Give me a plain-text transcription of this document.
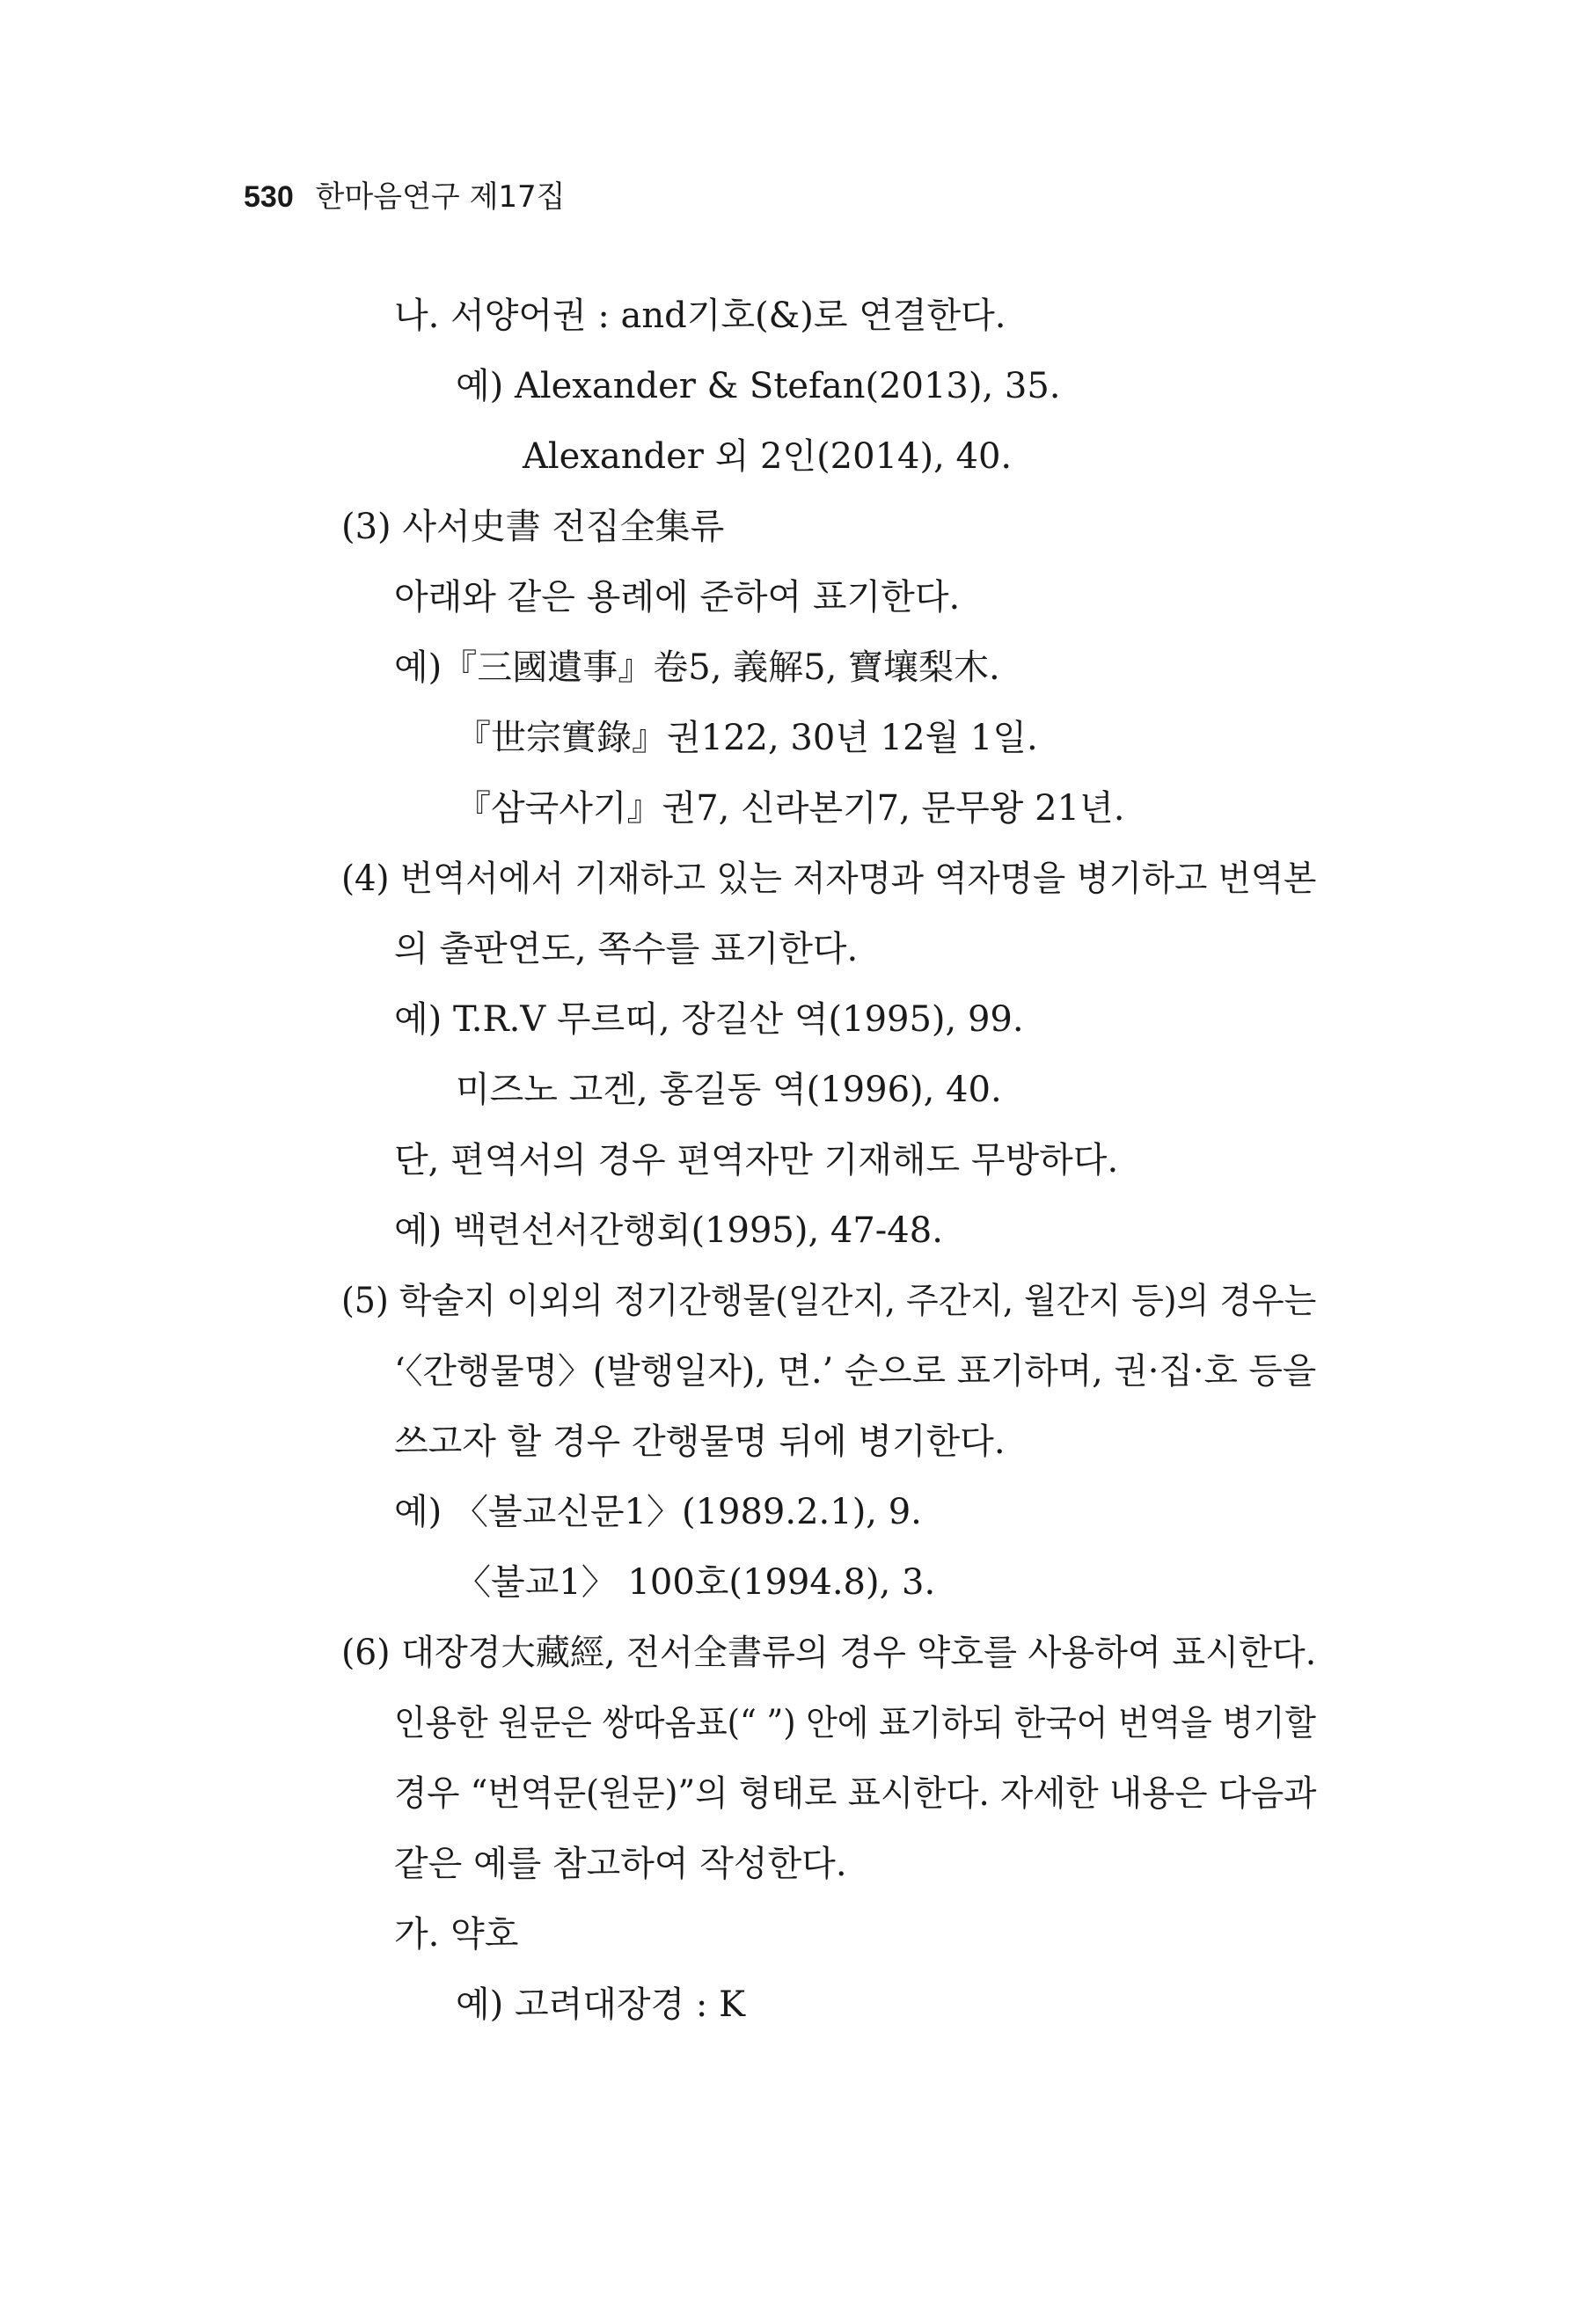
530 한마음연구 제17집
나. 서양어권 : and기호(&)로 연결한다.
예) Alexander & Stefan(2013), 35.
Alexander 외 2인(2014), 40.
(3) 사서史書 전집全集류
아래와 같은 용례에 준하여 표기한다.
예)『三國遺事』卷5, 義解5, 寶壤梨木.
『世宗實錄』권122, 30년 12월 1일.
『삼국사기』권7, 신라본기7, 문무왕 21년.
(4) 번역서에서 기재하고 있는 저자명과 역자명을 병기하고 번역본
의 출판연도, 쪽수를 표기한다.
예) T.R.V 무르띠, 장길산 역(1995), 99.
미즈노 고겐, 홍길동 역(1996), 40.
단, 편역서의 경우 편역자만 기재해도 무방하다.
예) 백련선서간행회(1995), 47-48.
(5) 학술지 이외의 정기간행물(일간지, 주간지, 월간지 등)의 경우는
‘〈간행물명〉(발행일자), 면.’ 순으로 표기하며, 권·집·호 등을
쓰고자 할 경우 간행물명 뒤에 병기한다.
예) 〈불교신문1〉(1989.2.1), 9.
〈불교1〉 100호(1994.8), 3.
(6) 대장경大藏經, 전서全書류의 경우 약호를 사용하여 표시한다.
인용한 원문은 쌍따옴표(“ ”) 안에 표기하되 한국어 번역을 병기할
경우 “번역문(원문)”의 형태로 표시한다. 자세한 내용은 다음과
같은 예를 참고하여 작성한다.
가. 약호
예) 고려대장경 : K
